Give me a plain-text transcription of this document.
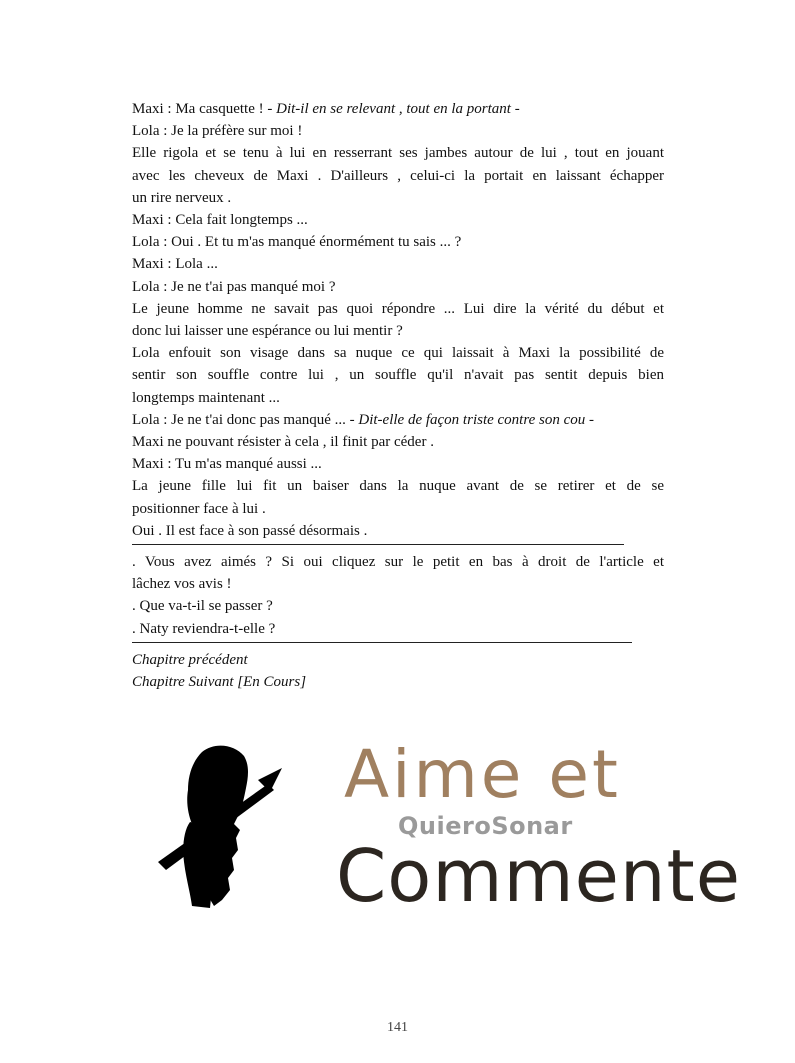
Maxi : Ma casquette ! - Dit-il en se relevant , tout en la portant -
Lola : Je la préfère sur moi !
Elle rigola et se tenu à lui en resserrant ses jambes autour de lui , tout en jouant
avec les cheveux de Maxi . D'ailleurs , celui-ci la portait en laissant échapper
un rire nerveux .
Maxi : Cela fait longtemps ...
Lola : Oui . Et tu m'as manqué énormément tu sais ... ?
Maxi : Lola ...
Lola : Je ne t'ai pas manqué moi ?
Le jeune homme ne savait pas quoi répondre ... Lui dire la vérité du début et
donc lui laisser une espérance ou lui mentir ?
Lola enfouit son visage dans sa nuque ce qui laissait à Maxi la possibilité de
sentir son souffle contre lui , un souffle qu'il n'avait pas sentit depuis bien
longtemps maintenant ...
Lola : Je ne t'ai donc pas manqué ... - Dit-elle de façon triste contre son cou -
Maxi ne pouvant résister à cela , il finit par céder .
Maxi : Tu m'as manqué aussi ...
La jeune fille lui fit un baiser dans la nuque avant de se retirer et de se
positionner face à lui .
Oui . Il est face à son passé désormais .
. Vous avez aimés ? Si oui cliquez sur le petit en bas à droit de l'article et
lâchez vos avis !
. Que va-t-il se passer ?
. Naty reviendra-t-elle ?
Chapitre précédent
Chapitre Suivant [En Cours]
Aime et
QuieroSonar
Commente
141
